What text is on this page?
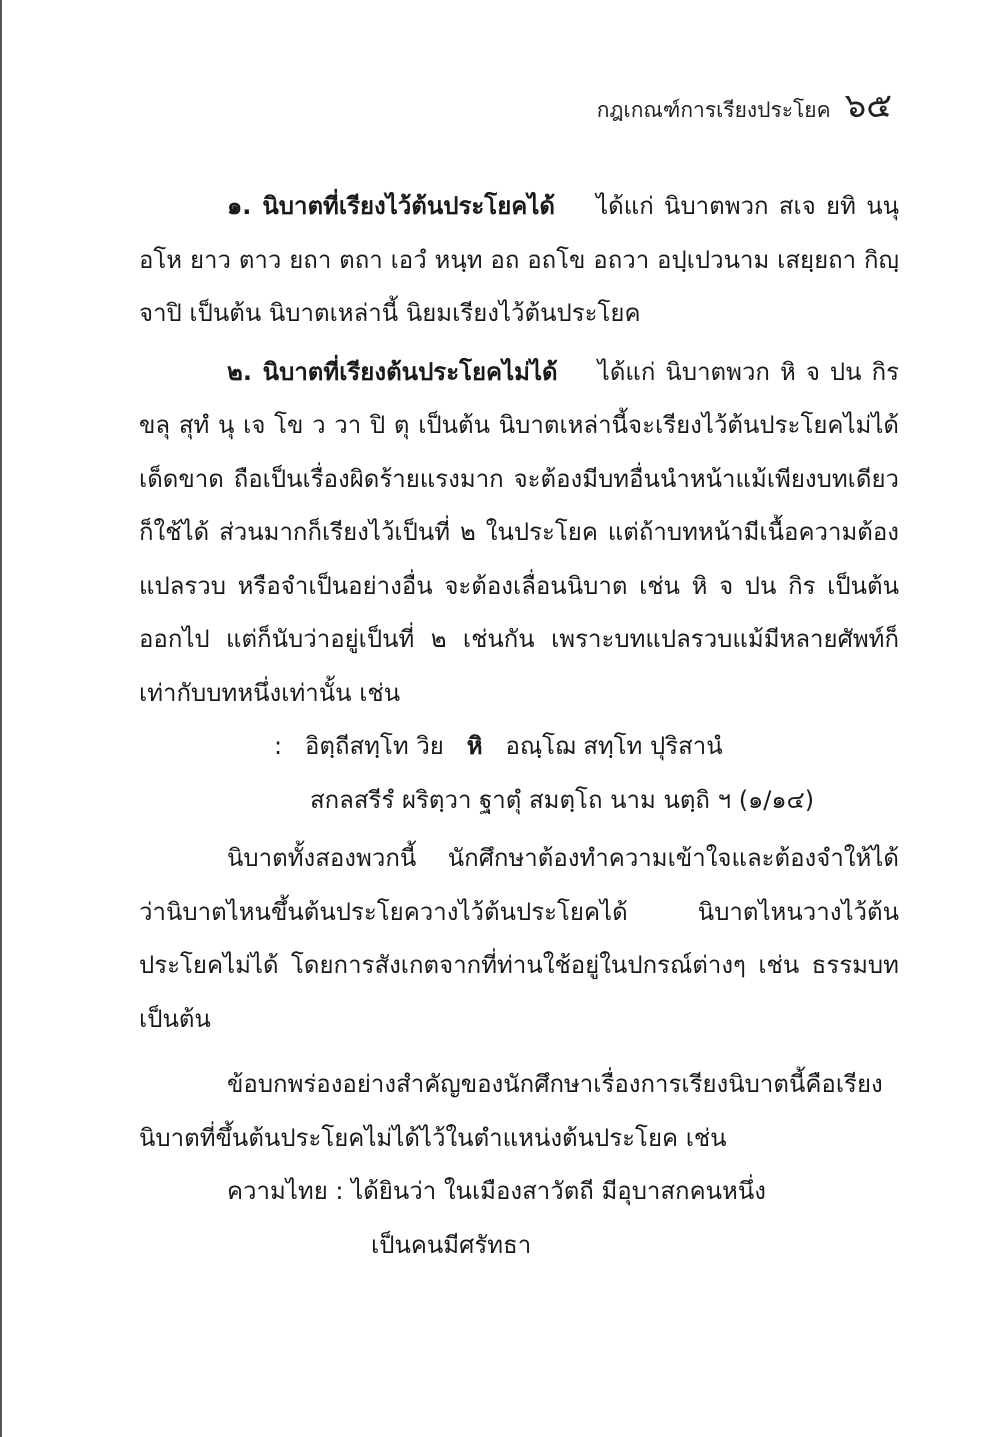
กฎเกณฑ์การเรียงประโยค ๖๕

๑. นิบาตที่เรียงไว้ต้นประโยคได้ ได้แก่ นิบาตพวก สเจ ยทิ นนุ อโห ยาว ตาว ยถา ตถา เอวํ หนฺท อถ อถโข อถวา อปฺเปวนาม เสยฺยถา กิญฺจาปิ เป็นต้น นิบาตเหล่านี้ นิยมเรียงไว้ต้นประโยค

๒. นิบาตที่เรียงต้นประโยคไม่ได้ ได้แก่ นิบาตพวก หิ จ ปน กิร ขลุ สุทํ นุ เจ โข ว วา ปิ ตุ เป็นต้น นิบาตเหล่านี้จะเรียงไว้ต้นประโยคไม่ได้เด็ดขาด ถือเป็นเรื่องผิดร้ายแรงมาก จะต้องมีบทอื่นนำหน้าแม้เพียงบทเดียวก็ใช้ได้ ส่วนมากก็เรียงไว้เป็นที่ ๒ ในประโยค แต่ถ้าบทหน้ามีเนื้อความต้องแปลรวบ หรือจำเป็นอย่างอื่น จะต้องเลื่อนนิบาต เช่น หิ จ ปน กิร เป็นต้น ออกไป แต่ก็นับว่าอยู่เป็นที่ ๒ เช่นกัน เพราะบทแปลรวบแม้มีหลายศัพท์ก็เท่ากับบทหนึ่งเท่านั้น เช่น

: อิตฺถีสทฺโท วิย หิ อณฺโฌ สทฺโท ปุริสานํ

สกลสรีรํ ผริตฺวา ฐาตุํ สมตฺโถ นาม นตฺถิ ฯ (๑/๑๔)

นิบาตทั้งสองพวกนี้ นักศึกษาต้องทำความเข้าใจและต้องจำให้ได้ว่านิบาตไหนขึ้นต้นประโยควางไว้ต้นประโยคได้ นิบาตไหนวางไว้ต้นประโยคไม่ได้ โดยการสังเกตจากที่ท่านใช้อยู่ในปกรณ์ต่างๆ เช่น ธรรมบท เป็นต้น

ข้อบกพร่องอย่างสำคัญของนักศึกษาเรื่องการเรียงนิบาตนี้คือเรียงนิบาตที่ขึ้นต้นประโยคไม่ได้ไว้ในตำแหน่งต้นประโยค เช่น

ความไทย : ได้ยินว่า ในเมืองสาวัตถี มีอุบาสกคนหนึ่ง
เป็นคนมีศรัทธา
